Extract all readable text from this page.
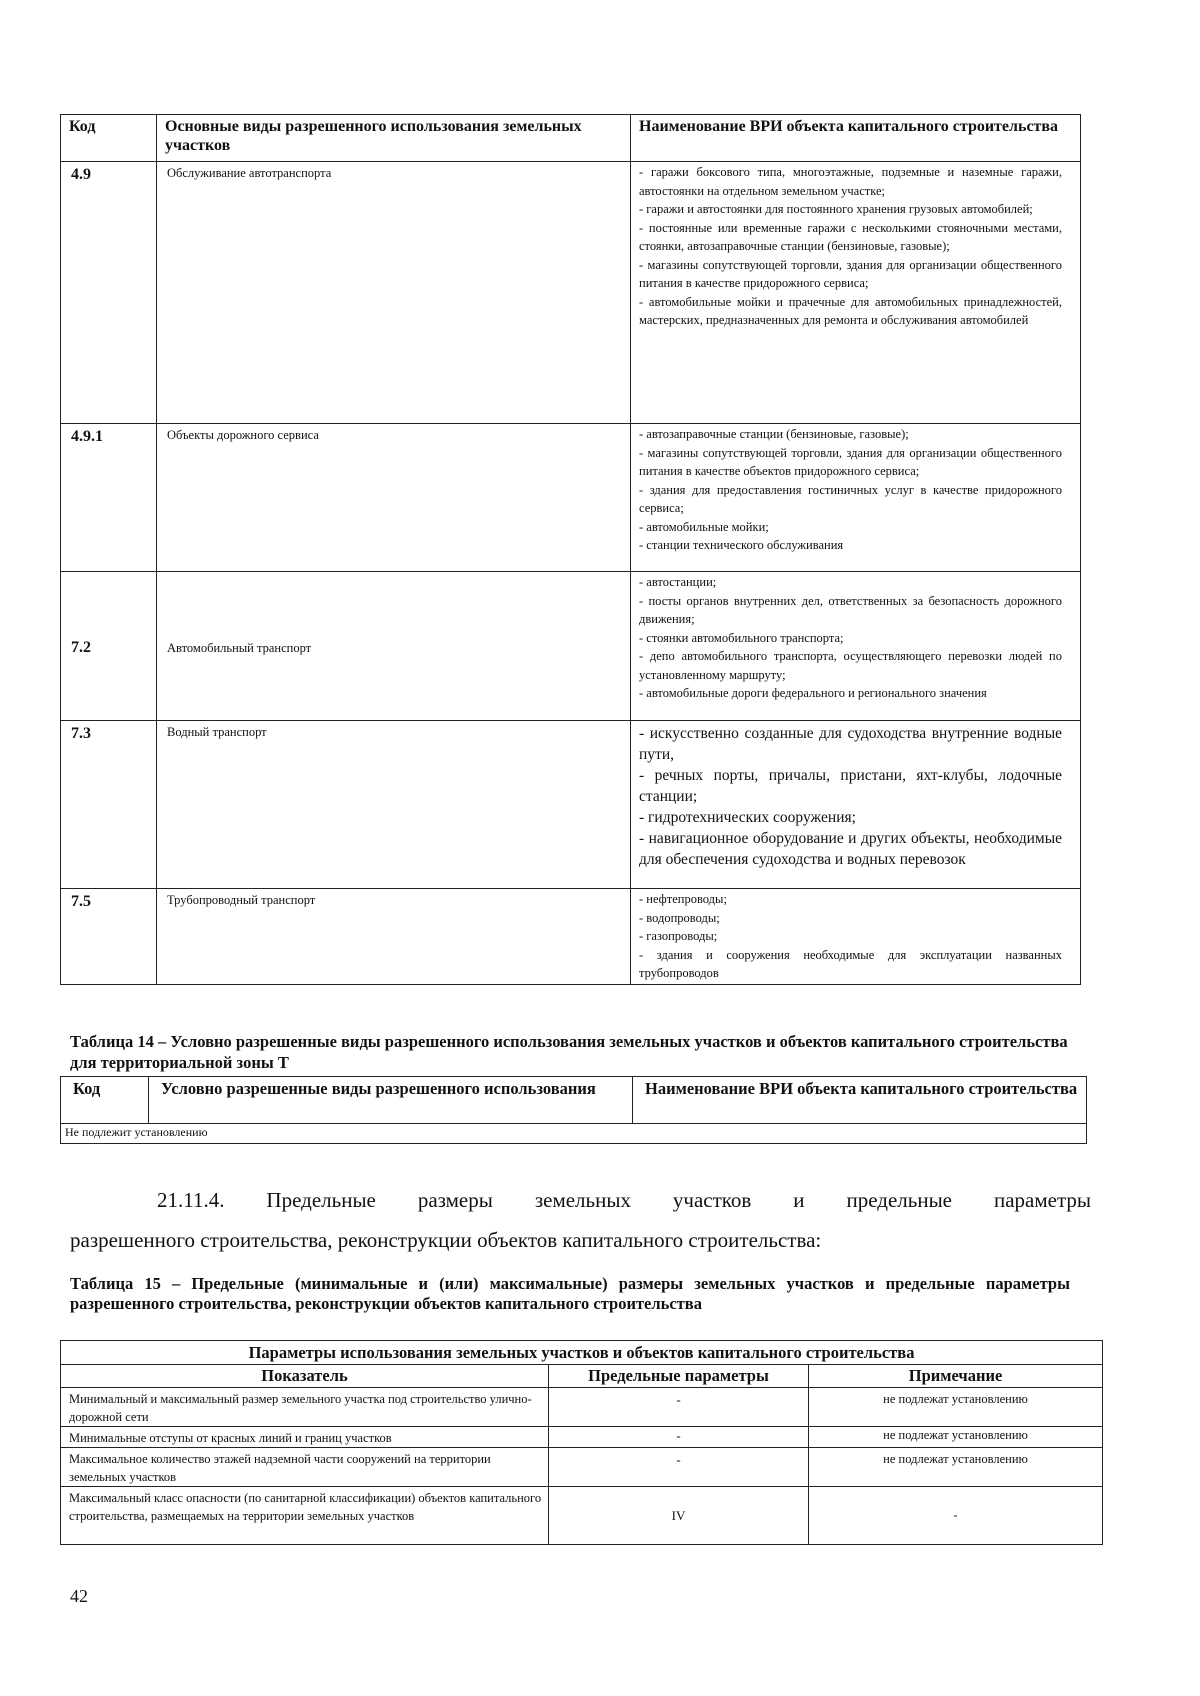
Код	Основные виды разрешенного использования земельных участков	Наименование ВРИ объекта капитального строительства
4.9	Обслуживание автотранспорта	- гаражи боксового типа, многоэтажные, подземные и наземные гаражи, автостоянки на отдельном земельном участке;
- гаражи и автостоянки для постоянного хранения грузовых автомобилей;
- постоянные или временные гаражи с несколькими стояночными местами, стоянки, автозаправочные станции (бензиновые, газовые);
- магазины сопутствующей торговли, здания для организации общественного питания в качестве придорожного сервиса;
- автомобильные мойки и прачечные для автомобильных принадлежностей, мастерских, предназначенных для ремонта и обслуживания автомобилей

4.9.1	Объекты дорожного сервиса	- автозаправочные станции (бензиновые, газовые);
- магазины сопутствующей торговли, здания для организации общественного питания в качестве объектов придорожного сервиса;
- здания для предоставления гостиничных услуг в качестве придорожного сервиса;
- автомобильные мойки;
- станции технического обслуживания

7.2	Автомобильный транспорт	- автостанции;
- посты органов внутренних дел, ответственных за безопасность дорожного движения;
- стоянки автомобильного транспорта;
- депо автомобильного транспорта, осуществляющего перевозки людей по установленному маршруту;
- автомобильные дороги федерального и регионального значения

7.3	Водный транспорт	- искусственно созданные для судоходства внутренние водные пути,
- речных порты, причалы, пристани, яхт-клубы, лодочные станции;
- гидротехнических сооружения;
- навигационное оборудование и других объекты, необходимые для обеспечения судоходства и водных перевозок

7.5	Трубопроводный транспорт	- нефтепроводы;
- водопроводы;
- газопроводы;
- здания и сооружения необходимые для эксплуатации названных трубопроводов
Таблица 14 – Условно разрешенные виды разрешенного использования земельных участков и объектов капитального строительства для территориальной зоны Т
Код	Условно разрешенные виды разрешенного использования	Наименование ВРИ объекта капитального строительства
Не подлежит установлению
21.11.4. Предельные размеры земельных участков и предельные параметры
разрешенного строительства, реконструкции объектов капитального строительства:
Таблица 15 – Предельные (минимальные и (или) максимальные) размеры земельных участков и предельные параметры разрешенного строительства, реконструкции объектов капитального строительства
Параметры использования земельных участков и объектов капитального строительства		
Показатель	Предельные параметры	Примечание
Минимальный и максимальный размер земельного участка под строительство улично-дорожной сети	-	не подлежат установлению
Минимальные отступы от красных линий и границ участков	-	не подлежат установлению
Максимальное количество этажей надземной части сооружений на территории земельных участков	-	не подлежат установлению
Максимальный класс опасности (по санитарной классификации) объектов капитального строительства, размещаемых на территории земельных участков	IV	-
42
